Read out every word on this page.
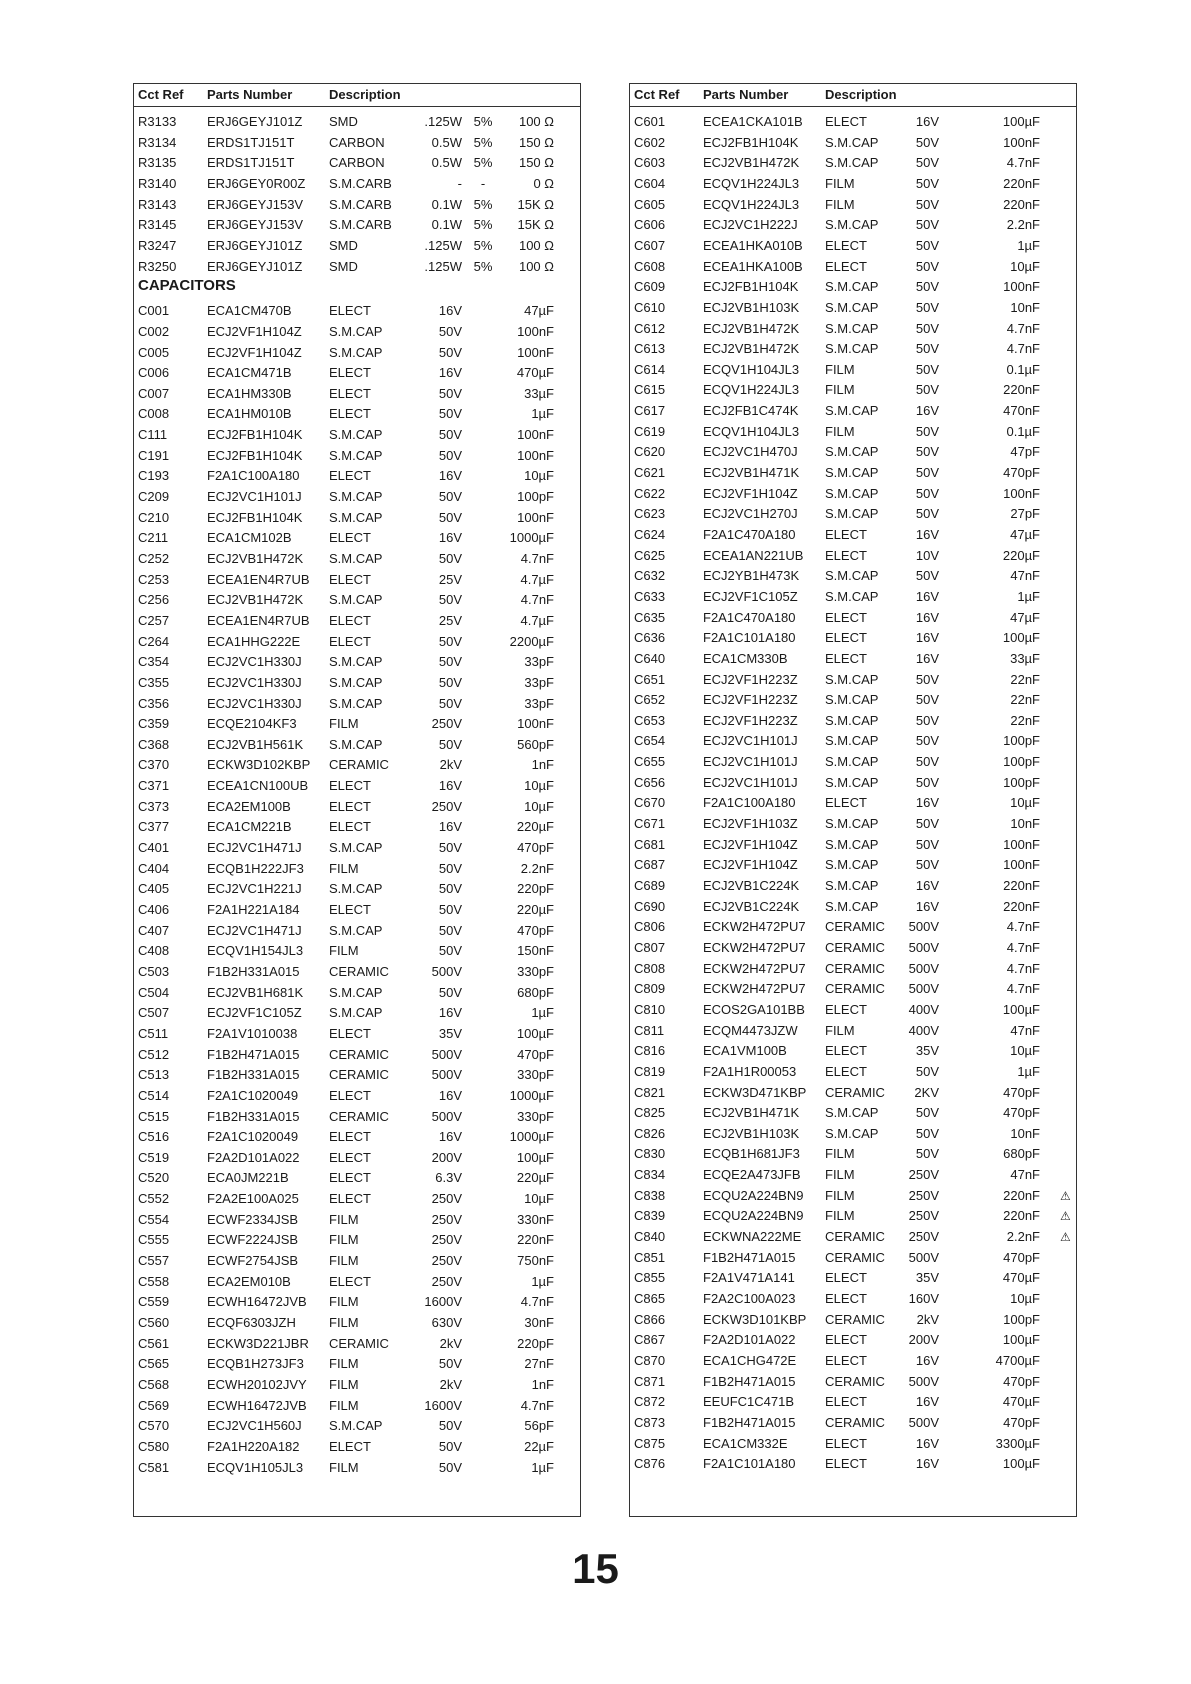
Cct Ref Parts Number	Description
R3133 ERJ6GEYJ101Z SMD	.125W 5%	100 Ω
R3134 ERDS1TJ151T	CARBON	0.5W 5%	150 Ω
R3135 ERDS1TJ151T	CARBON	0.5W 5%	150 Ω
R3140 ERJ6GEY0R00Z S.M.CARB	-	-	0 Ω
R3143 ERJ6GEYJ153V S.M.CARB	0.1W 5%	15K Ω
R3145 ERJ6GEYJ153V S.M.CARB	0.1W 5%	15K Ω
R3247 ERJ6GEYJ101Z SMD	.125W 5%	100 Ω
R3250 ERJ6GEYJ101Z SMD	.125W 5%	100 Ω
CAPACITORS
C001	ECA1CM470B	ELECT	16V	47µF
C002	ECJ2VF1H104Z S.M.CAP	50V	100nF
C005	ECJ2VF1H104Z S.M.CAP	50V	100nF
C006	ECA1CM471B	ELECT	16V	470µF
C007	ECA1HM330B	ELECT	50V	33µF
C008	ECA1HM010B	ELECT	50V	1µF
C111	ECJ2FB1H104K S.M.CAP	50V	100nF
C191	ECJ2FB1H104K S.M.CAP	50V	100nF
C193	F2A1C100A180 ELECT	16V	10µF
C209	ECJ2VC1H101J S.M.CAP	50V	100pF
C210	ECJ2FB1H104K S.M.CAP	50V	100nF
C211	ECA1CM102B	ELECT	16V	1000µF
C252	ECJ2VB1H472K S.M.CAP	50V	4.7nF
C253	ECEA1EN4R7UB ELECT	25V	4.7µF
C256	ECJ2VB1H472K S.M.CAP	50V	4.7nF
C257	ECEA1EN4R7UB ELECT	25V	4.7µF
C264	ECA1HHG222E ELECT	50V	2200µF
C354	ECJ2VC1H330J S.M.CAP	50V	33pF
C355	ECJ2VC1H330J S.M.CAP	50V	33pF
C356	ECJ2VC1H330J S.M.CAP	50V	33pF
C359	ECQE2104KF3 FILM	250V	100nF
C368	ECJ2VB1H561K S.M.CAP	50V	560pF
C370	ECKW3D102KBP CERAMIC	2kV	1nF
C371	ECEA1CN100UB ELECT	16V	10µF
C373	ECA2EM100B	ELECT	250V	10µF
C377	ECA1CM221B	ELECT	16V	220µF
C401	ECJ2VC1H471J S.M.CAP	50V	470pF
C404	ECQB1H222JF3 FILM	50V	2.2nF
C405	ECJ2VC1H221J S.M.CAP	50V	220pF
C406	F2A1H221A184 ELECT	50V	220µF
C407	ECJ2VC1H471J S.M.CAP	50V	470pF
C408	ECQV1H154JL3 FILM	50V	150nF
C503	F1B2H331A015 CERAMIC	500V	330pF
C504	ECJ2VB1H681K S.M.CAP	50V	680pF
C507	ECJ2VF1C105Z S.M.CAP	16V	1µF
C511	F2A1V1010038 ELECT	35V	100µF
C512	F1B2H471A015 CERAMIC	500V	470pF
C513	F1B2H331A015 CERAMIC	500V	330pF
C514	F2A1C1020049 ELECT	16V	1000µF
C515	F1B2H331A015 CERAMIC	500V	330pF
C516	F2A1C1020049 ELECT	16V	1000µF
C519	F2A2D101A022 ELECT	200V	100µF
C520	ECA0JM221B	ELECT	6.3V	220µF
C552	F2A2E100A025 ELECT	250V	10µF
C554	ECWF2334JSB FILM	250V	330nF
C555	ECWF2224JSB FILM	250V	220nF
C557	ECWF2754JSB FILM	250V	750nF
C558	ECA2EM010B	ELECT	250V	1µF
C559	ECWH16472JVB FILM	1600V	4.7nF
C560	ECQF6303JZH	FILM	630V	30nF
C561	ECKW3D221JBR CERAMIC	2kV	220pF
C565	ECQB1H273JF3 FILM	50V	27nF
C568	ECWH20102JVY FILM	2kV	1nF
C569	ECWH16472JVB FILM	1600V	4.7nF
C570	ECJ2VC1H560J S.M.CAP	50V	56pF
C580	F2A1H220A182 ELECT	50V	22µF
C581	ECQV1H105JL3 FILM	50V	1µF
Cct Ref Parts Number	Description
C601	ECEA1CKA101B ELECT	16V	100µF
C602	ECJ2FB1H104K S.M.CAP	50V	100nF
C603	ECJ2VB1H472K S.M.CAP	50V	4.7nF
C604	ECQV1H224JL3 FILM	50V	220nF
C605	ECQV1H224JL3 FILM	50V	220nF
C606	ECJ2VC1H222J S.M.CAP	50V	2.2nF
C607	ECEA1HKA010B ELECT	50V	1µF
C608	ECEA1HKA100B ELECT	50V	10µF
C609	ECJ2FB1H104K S.M.CAP	50V	100nF
C610	ECJ2VB1H103K S.M.CAP	50V	10nF
C612	ECJ2VB1H472K S.M.CAP	50V	4.7nF
C613	ECJ2VB1H472K S.M.CAP	50V	4.7nF
C614	ECQV1H104JL3 FILM	50V	0.1µF
C615	ECQV1H224JL3 FILM	50V	220nF
C617	ECJ2FB1C474K S.M.CAP	16V	470nF
C619	ECQV1H104JL3 FILM	50V	0.1µF
C620	ECJ2VC1H470J S.M.CAP	50V	47pF
C621	ECJ2VB1H471K S.M.CAP	50V	470pF
C622	ECJ2VF1H104Z S.M.CAP	50V	100nF
C623	ECJ2VC1H270J S.M.CAP	50V	27pF
C624	F2A1C470A180 ELECT	16V	47µF
C625	ECEA1AN221UB ELECT	10V	220µF
C632	ECJ2YB1H473K S.M.CAP	50V	47nF
C633	ECJ2VF1C105Z S.M.CAP	16V	1µF
C635	F2A1C470A180 ELECT	16V	47µF
C636	F2A1C101A180 ELECT	16V	100µF
C640	ECA1CM330B	ELECT	16V	33µF
C651	ECJ2VF1H223Z S.M.CAP	50V	22nF
C652	ECJ2VF1H223Z S.M.CAP	50V	22nF
C653	ECJ2VF1H223Z S.M.CAP	50V	22nF
C654	ECJ2VC1H101J S.M.CAP	50V	100pF
C655	ECJ2VC1H101J S.M.CAP	50V	100pF
C656	ECJ2VC1H101J S.M.CAP	50V	100pF
C670	F2A1C100A180 ELECT	16V	10µF
C671	ECJ2VF1H103Z S.M.CAP	50V	10nF
C681	ECJ2VF1H104Z S.M.CAP	50V	100nF
C687	ECJ2VF1H104Z S.M.CAP	50V	100nF
C689	ECJ2VB1C224K S.M.CAP	16V	220nF
C690	ECJ2VB1C224K S.M.CAP	16V	220nF
C806	ECKW2H472PU7 CERAMIC	500V	4.7nF
C807	ECKW2H472PU7 CERAMIC	500V	4.7nF
C808	ECKW2H472PU7 CERAMIC	500V	4.7nF
C809	ECKW2H472PU7 CERAMIC	500V	4.7nF
C810	ECOS2GA101BB ELECT	400V	100µF
C811	ECQM4473JZW FILM	400V	47nF
C816	ECA1VM100B	ELECT	35V	10µF
C819	F2A1H1R00053 ELECT	50V	1µF
C821	ECKW3D471KBP CERAMIC	2KV	470pF
C825	ECJ2VB1H471K S.M.CAP	50V	470pF
C826	ECJ2VB1H103K S.M.CAP	50V	10nF
C830	ECQB1H681JF3 FILM	50V	680pF
C834	ECQE2A473JFB FILM	250V	47nF
C838	ECQU2A224BN9 FILM	250V	220nF ⚠
C839	ECQU2A224BN9 FILM	250V	220nF ⚠
C840	ECKWNA222ME CERAMIC	250V	2.2nF ⚠
C851	F1B2H471A015 CERAMIC	500V	470pF
C855	F2A1V471A141 ELECT	35V	470µF
C865	F2A2C100A023 ELECT	160V	10µF
C866	ECKW3D101KBP CERAMIC	2kV	100pF
C867	F2A2D101A022 ELECT	200V	100µF
C870	ECA1CHG472E ELECT	16V	4700µF
C871	F1B2H471A015 CERAMIC	500V	470pF
C872	EEUFC1C471B ELECT	16V	470µF
C873	F1B2H471A015 CERAMIC	500V	470pF
C875	ECA1CM332E	ELECT	16V	3300µF
C876	F2A1C101A180 ELECT	16V	100µF
15
